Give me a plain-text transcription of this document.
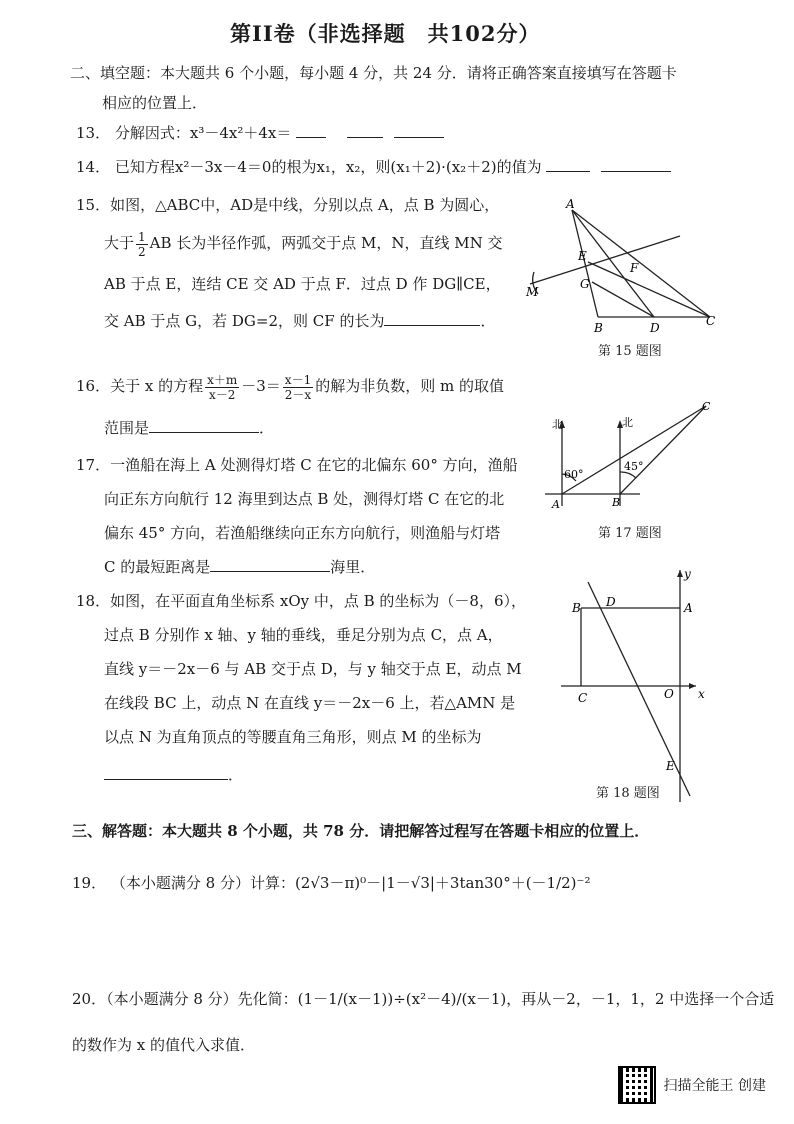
第II卷（非选择题　共102分）
二、填空题：本大题共 6 个小题，每小题 4 分，共 24 分．请将正确答案直接填写在答题卡
相应的位置上．
13． 分解因式：x³－4x²＋4x＝
14． 已知方程x²－3x－4＝0的根为x₁，x₂，则(x₁＋2)·(x₂＋2)的值为
15．如图，△ABC中，AD是中线，分别以点 A，点 B 为圆心，
大于 $\frac{1}{2}$ AB 长为半径作弧，两弧交于点 M，N，直线 MN 交
AB 于点 E，连结 CE 交 AD 于点 F．过点 D 作 DG∥CE，
交 AB 于点 G，若 DG=2，则 CF 的长为	．
A
E
F
G
B	D	C
M
第 15 题图
16．关于 x 的方程 $\frac{x+m}{x-2} -3= \frac{x-1}{2-x}$ 的解为非负数，则 m 的取值
范围是	．
17．一渔船在海上 A 处测得灯塔 C 在它的北偏东 60° 方向，渔船
向正东方向航行 12 海里到达点 B 处，测得灯塔 C 在它的北
偏东 45° 方向，若渔船继续向正东方向航行，则渔船与灯塔
C 的最短距离是	海里．
北	北
60°
45°
A	B
C
第 17 题图
18．如图，在平面直角坐标系 xOy 中，点 B 的坐标为（－8，6），
过点 B 分别作 x 轴、y 轴的垂线，垂足分别为点 C，点 A，
直线 y＝－2x－6 与 AB 交于点 D，与 y 轴交于点 E，动点 M
在线段 BC 上，动点 N 在直线 y＝－2x－6 上，若△AMN 是
以点 N 为直角顶点的等腰直角三角形，则点 M 的坐标为
．
B D	A
C	O x
y
E
第 18 题图
三、解答题：本大题共 8 个小题，共 78 分．请把解答过程写在答题卡相应的位置上．
19． （本小题满分 8 分）计算：(2√3－π)⁰－|1－√3|＋3tan30°＋(－1/2)⁻²
20．（本小题满分 8 分）先化简：(1－1/(x－1))÷(x²－4)/(x－1)，再从－2，－1，1，2 中选择一个合适
的数作为 x 的值代入求值．
扫描全能王 创建
